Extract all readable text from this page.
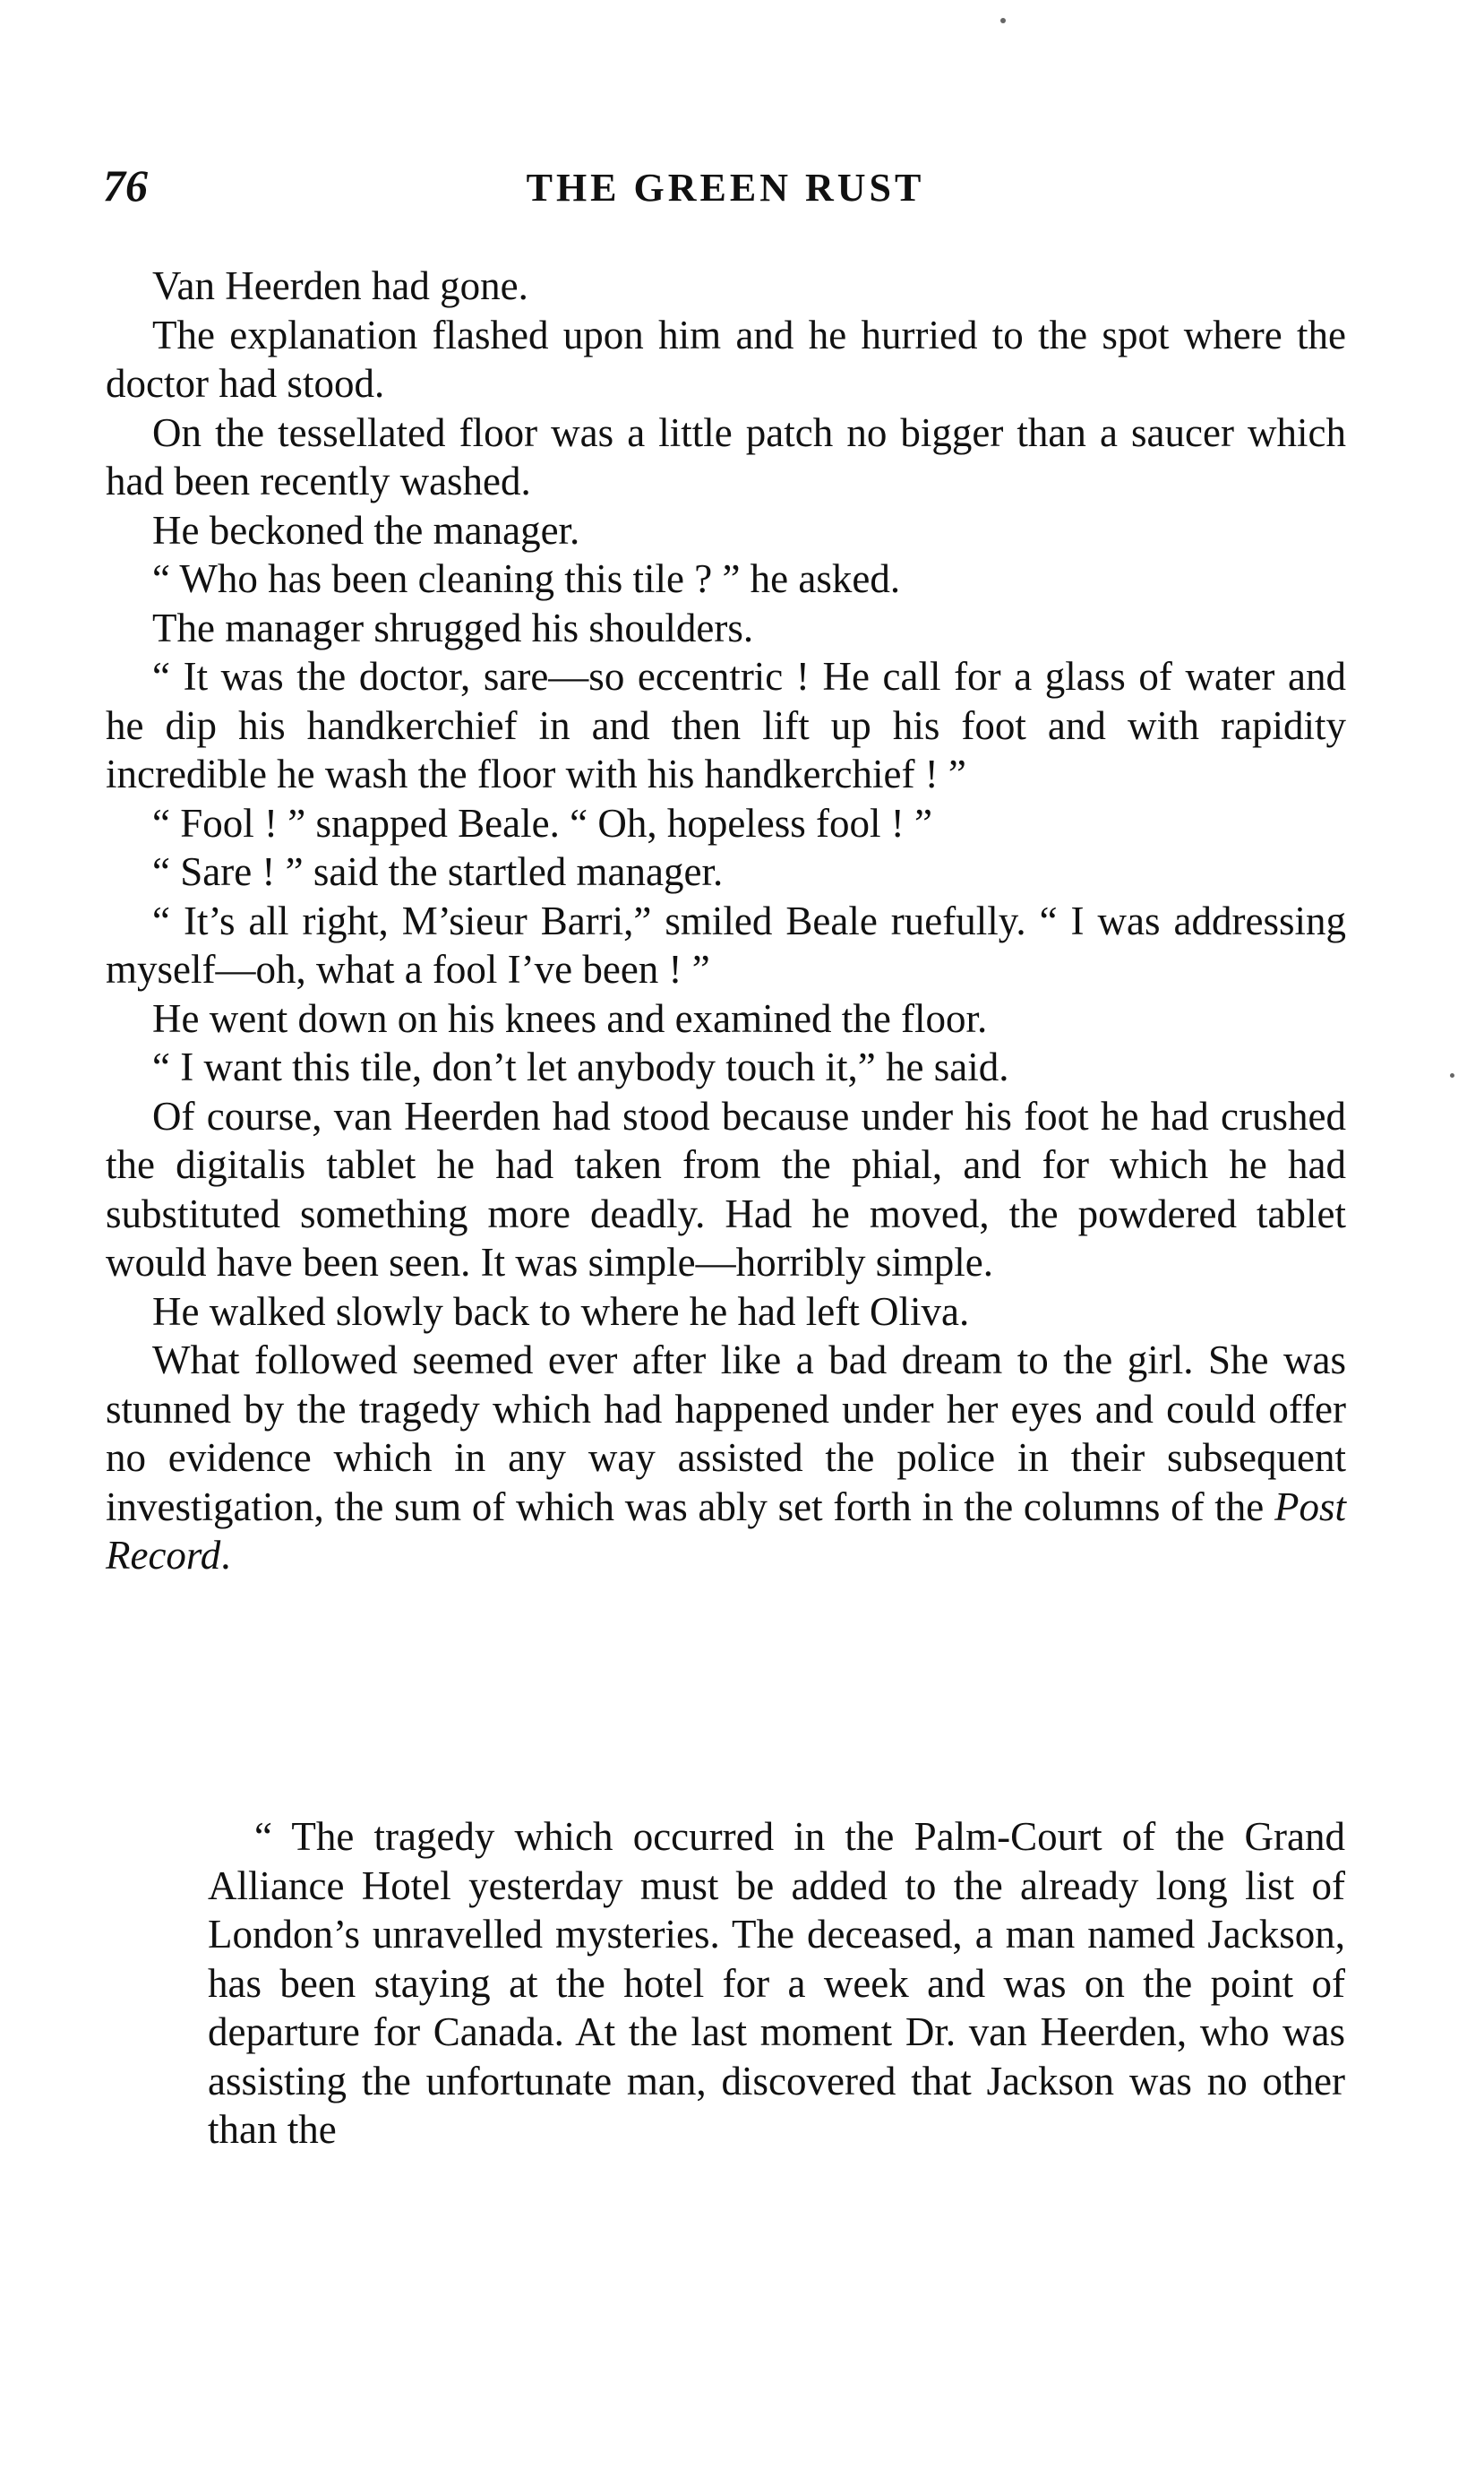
76	THE GREEN RUST

Van Heerden had gone.

The explanation flashed upon him and he hurried to the spot where the doctor had stood.

On the tessellated floor was a little patch no bigger than a saucer which had been recently washed.

He beckoned the manager.

“ Who has been cleaning this tile ? ” he asked.

The manager shrugged his shoulders.

“ It was the doctor, sare—so eccentric ! He call for a glass of water and he dip his handkerchief in and then lift up his foot and with rapidity incredible he wash the floor with his handkerchief ! ”

“ Fool ! ” snapped Beale. “ Oh, hopeless fool ! ”

“ Sare ! ” said the startled manager.

“ It’s all right, M’sieur Barri,” smiled Beale ruefully. “ I was addressing myself—oh, what a fool I’ve been ! ”

He went down on his knees and examined the floor.

“ I want this tile, don’t let anybody touch it,” he said.

Of course, van Heerden had stood because under his foot he had crushed the digitalis tablet he had taken from the phial, and for which he had substituted something more deadly. Had he moved, the powdered tablet would have been seen. It was simple—horribly simple.

He walked slowly back to where he had left Oliva.

What followed seemed ever after like a bad dream to the girl. She was stunned by the tragedy which had happened under her eyes and could offer no evidence which in any way assisted the police in their subsequent investigation, the sum of which was ably set forth in the columns of the Post Record.

“ The tragedy which occurred in the Palm-Court of the Grand Alliance Hotel yesterday must be added to the already long list of London’s unravelled mysteries. The deceased, a man named Jackson, has been staying at the hotel for a week and was on the point of departure for Canada. At the last moment Dr. van Heerden, who was assisting the unfortunate man, discovered that Jackson was no other than the
